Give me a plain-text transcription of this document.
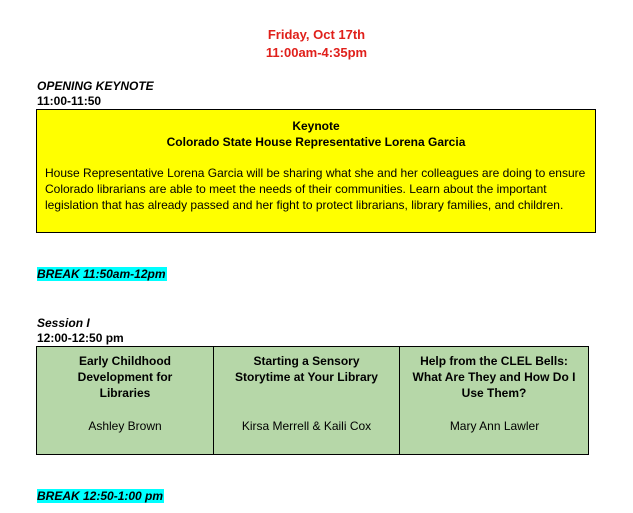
Friday, Oct 17th
11:00am-4:35pm
OPENING KEYNOTE
11:00-11:50
Keynote
Colorado State House Representative Lorena Garcia
House Representative Lorena Garcia will be sharing what she and her colleagues are doing to ensure Colorado librarians are able to meet the needs of their communities. Learn about the important legislation that has already passed and her fight to protect librarians, library families, and children.
BREAK 11:50am-12pm
Session I
12:00-12:50 pm
Early Childhood Development for Libraries
Ashley Brown

Starting a Sensory Storytime at Your Library
Kirsa Merrell & Kaili Cox

Help from the CLEL Bells: What Are They and How Do I Use Them?
Mary Ann Lawler
BREAK 12:50-1:00 pm
